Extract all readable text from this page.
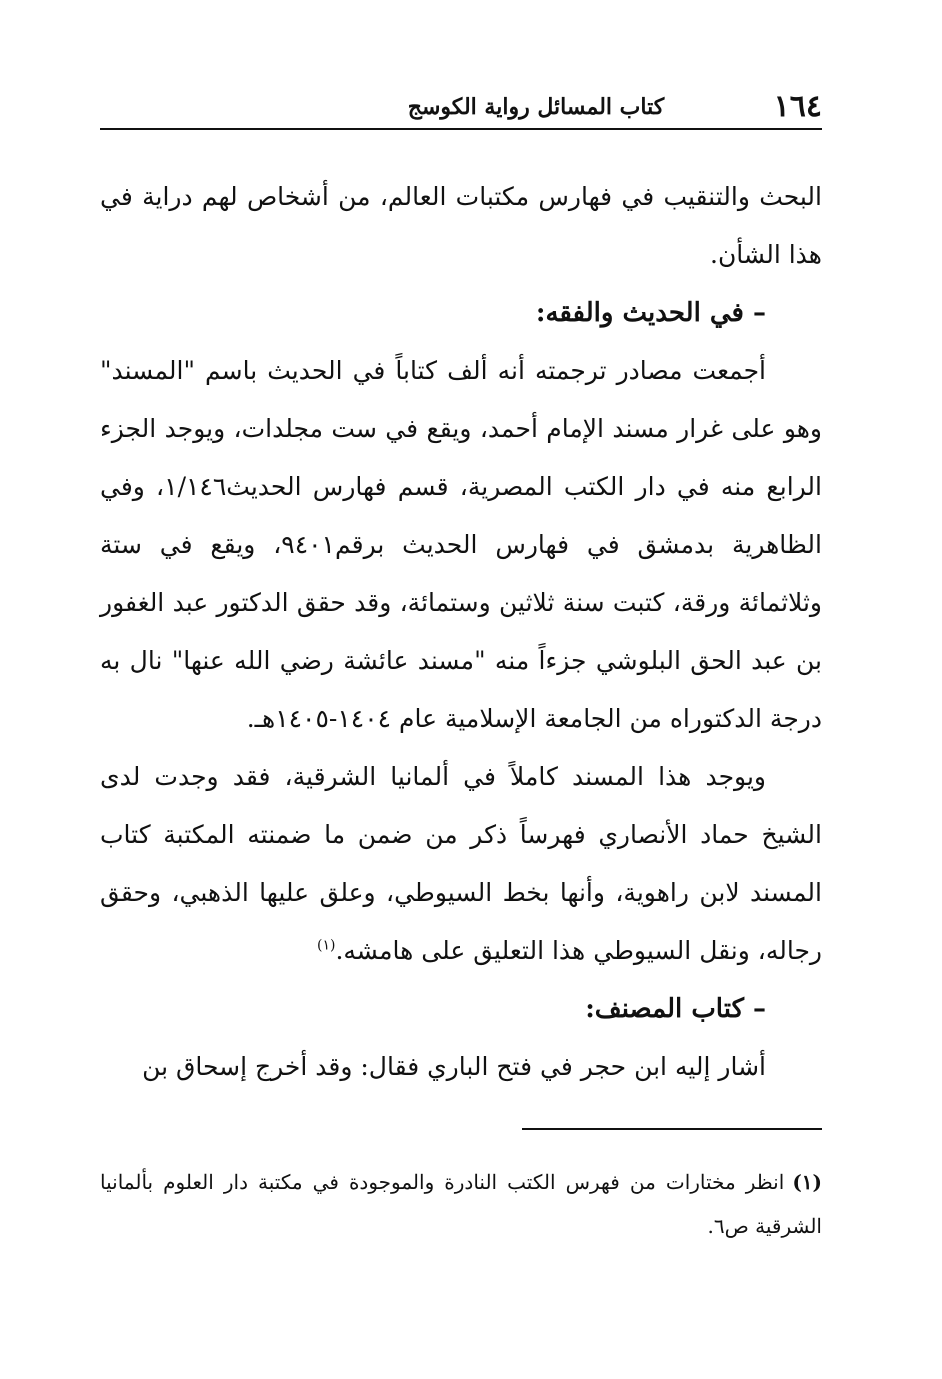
١٦٤
كتاب المسائل رواية الكوسج

البحث والتنقيب في فهارس مكتبات العالم، من أشخاص لهم دراية في هذا الشأن.

– في الحديث والفقه:

أجمعت مصادر ترجمته أنه ألف كتاباً في الحديث باسم "المسند" وهو على غرار مسند الإمام أحمد، ويقع في ست مجلدات، ويوجد الجزء الرابع منه في دار الكتب المصرية، قسم فهارس الحديث١/١٤٦، وفي الظاهرية بدمشق في فهارس الحديث برقم٩٤٠١، ويقع في ستة وثلاثمائة ورقة، كتبت سنة ثلاثين وستمائة، وقد حقق الدكتور عبد الغفور بن عبد الحق البلوشي جزءاً منه "مسند عائشة رضي الله عنها" نال به درجة الدكتوراه من الجامعة الإسلامية عام ١٤٠٤-١٤٠٥هـ.

ويوجد هذا المسند كاملاً في ألمانيا الشرقية، فقد وجدت لدى الشيخ حماد الأنصاري فهرساً ذكر من ضمن ما ضمنته المكتبة كتاب المسند لابن راهوية، وأنها بخط السيوطي، وعلق عليها الذهبي، وحقق رجاله، ونقل السيوطي هذا التعليق على هامشه.$^{(١)}$

– كتاب المصنف:

أشار إليه ابن حجر في فتح الباري فقال: وقد أخرج إسحاق بن

(١)انظر مختارات من فهرس الكتب النادرة والموجودة في مكتبة دار العلوم بألمانيا الشرقية ص٦.
